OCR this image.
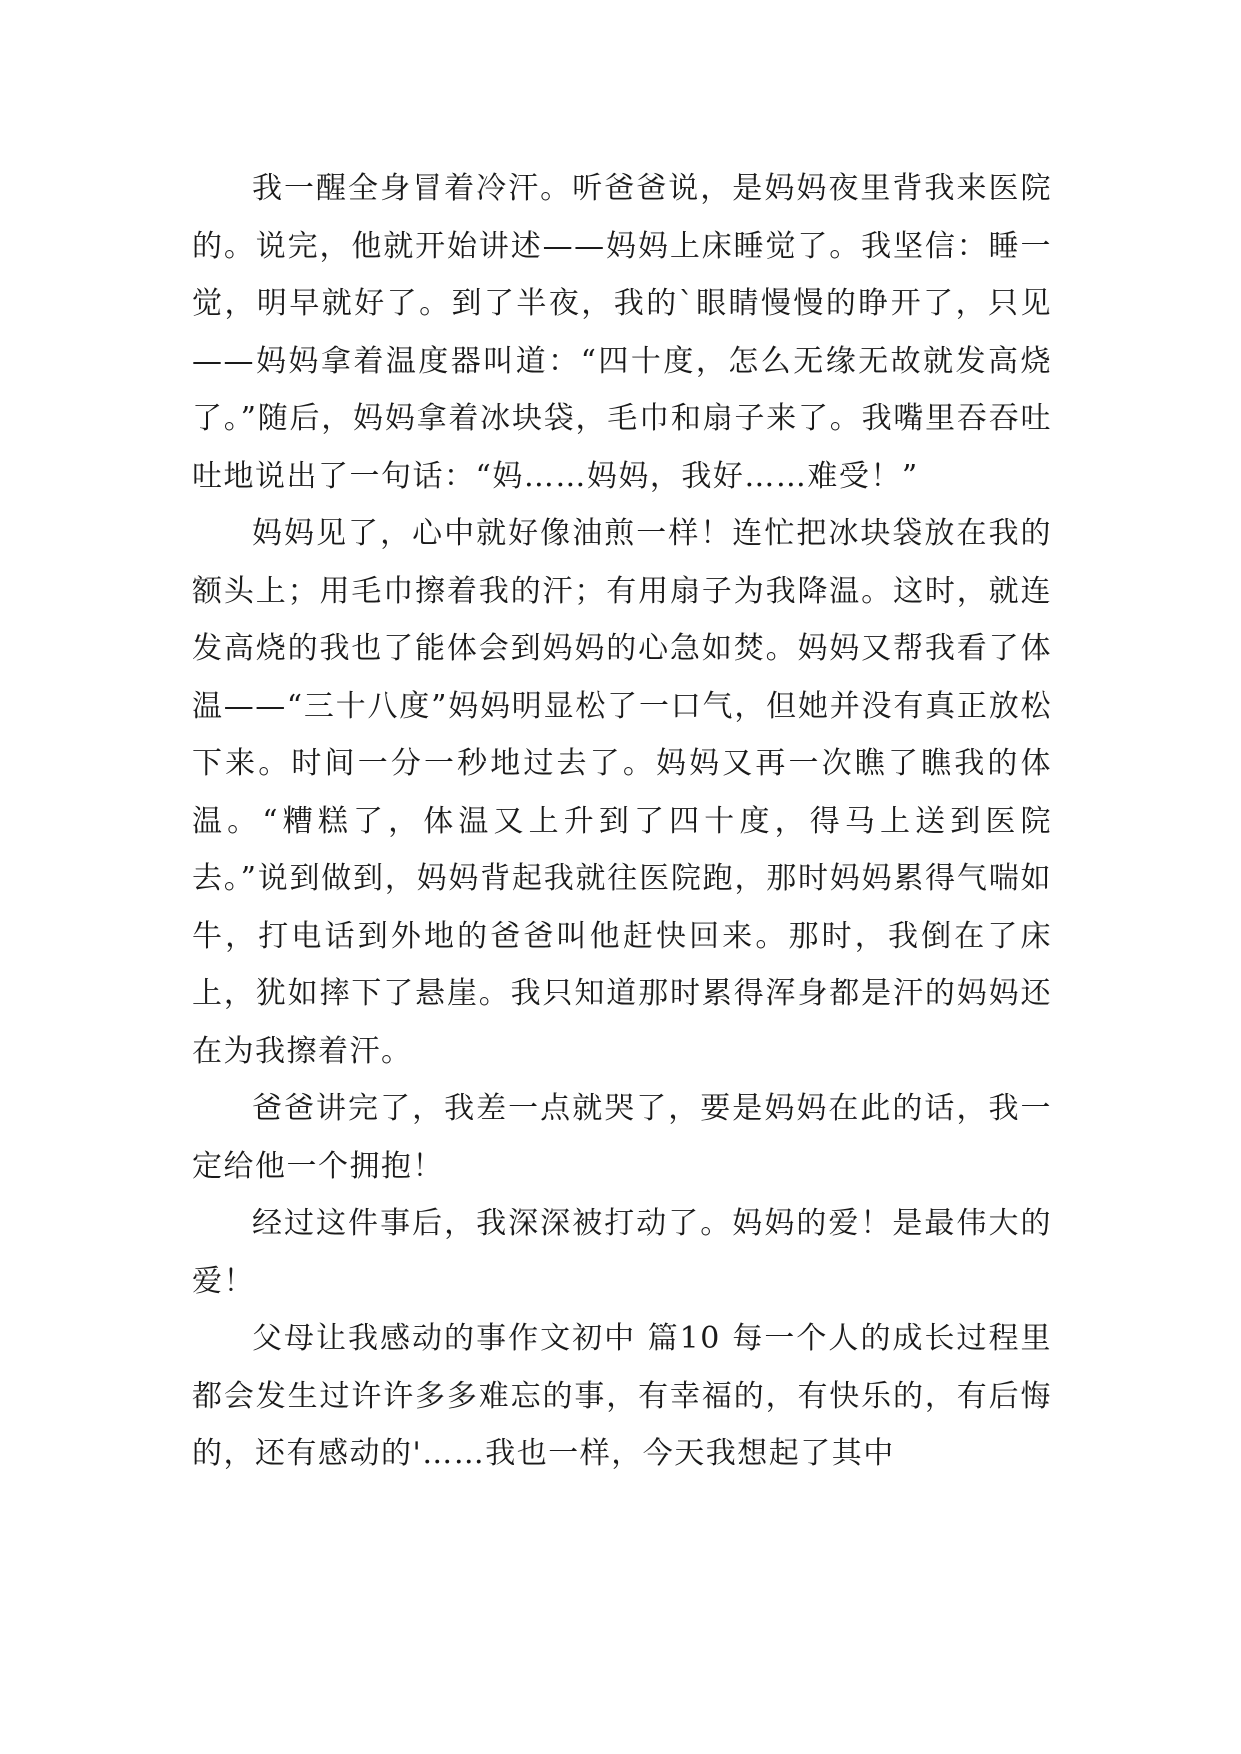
我一醒全身冒着冷汗。听爸爸说，是妈妈夜里背我来医院的。说完，他就开始讲述——妈妈上床睡觉了。我坚信：睡一觉，明早就好了。到了半夜，我的`眼睛慢慢的睁开了，只见——妈妈拿着温度器叫道：“四十度，怎么无缘无故就发高烧了。”随后，妈妈拿着冰块袋，毛巾和扇子来了。我嘴里吞吞吐吐地说出了一句话：“妈……妈妈，我好……难受！”

妈妈见了，心中就好像油煎一样！连忙把冰块袋放在我的额头上；用毛巾擦着我的汗；有用扇子为我降温。这时，就连发高烧的我也了能体会到妈妈的心急如焚。妈妈又帮我看了体温——“三十八度”妈妈明显松了一口气，但她并没有真正放松下来。时间一分一秒地过去了。妈妈又再一次瞧了瞧我的体温。“糟糕了，体温又上升到了四十度，得马上送到医院去。”说到做到，妈妈背起我就往医院跑，那时妈妈累得气喘如牛，打电话到外地的爸爸叫他赶快回来。那时，我倒在了床上，犹如摔下了悬崖。我只知道那时累得浑身都是汗的妈妈还在为我擦着汗。

爸爸讲完了，我差一点就哭了，要是妈妈在此的话，我一定给他一个拥抱！

经过这件事后，我深深被打动了。妈妈的爱！是最伟大的爱！

父母让我感动的事作文初中 篇10 每一个人的成长过程里都会发生过许许多多难忘的事，有幸福的，有快乐的，有后悔的，还有感动的'……我也一样，今天我想起了其中
